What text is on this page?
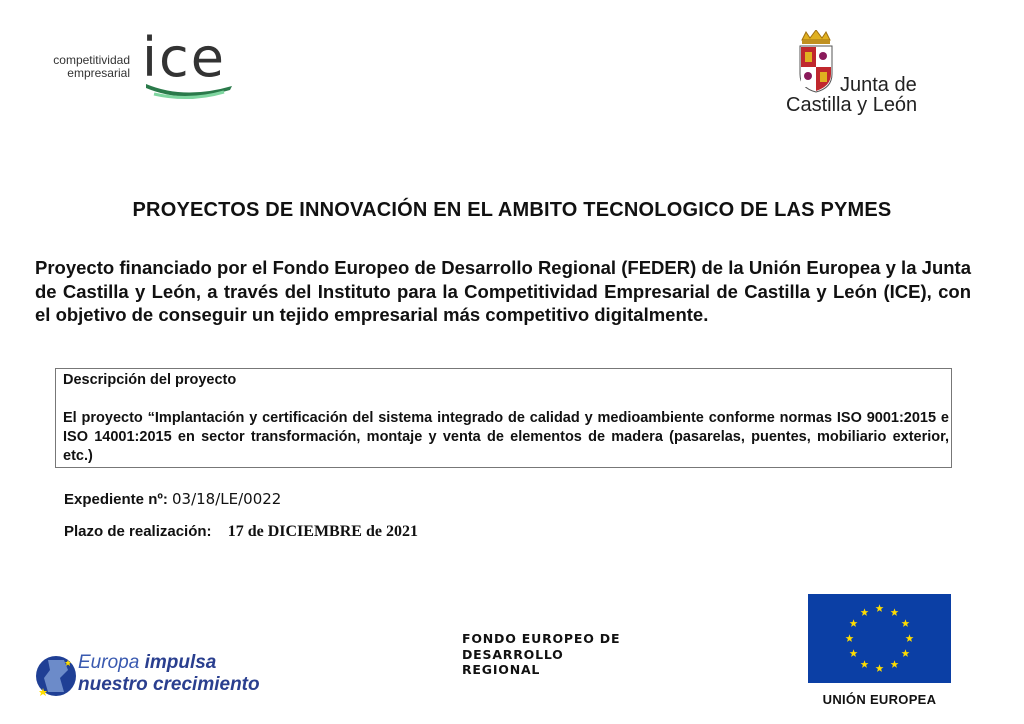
competitividad
empresarial ice	Junta de
Castilla y León
PROYECTOS DE INNOVACIÓN EN EL AMBITO TECNOLOGICO DE LAS PYMES
Proyecto financiado por el Fondo Europeo de Desarrollo Regional (FEDER) de la Unión Europea y la Junta de Castilla y León, a través del Instituto para la Competitividad Empresarial de Castilla y León (ICE), con el objetivo de conseguir un tejido empresarial más competitivo digitalmente.
Descripción del proyecto
El proyecto “Implantación y certificación del sistema integrado de calidad y medioambiente conforme normas ISO 9001:2015 e ISO 14001:2015 en sector transformación, montaje y venta de elementos de madera (pasarelas, puentes, mobiliario exterior, etc.)
Expediente nº: 03/18/LE/0022
Plazo de realización: 17 de DICIEMBRE de 2021
Europa impulsa
nuestro crecimiento
FONDO EUROPEO DE
DESARROLLO
REGIONAL
UNIÓN EUROPEA
